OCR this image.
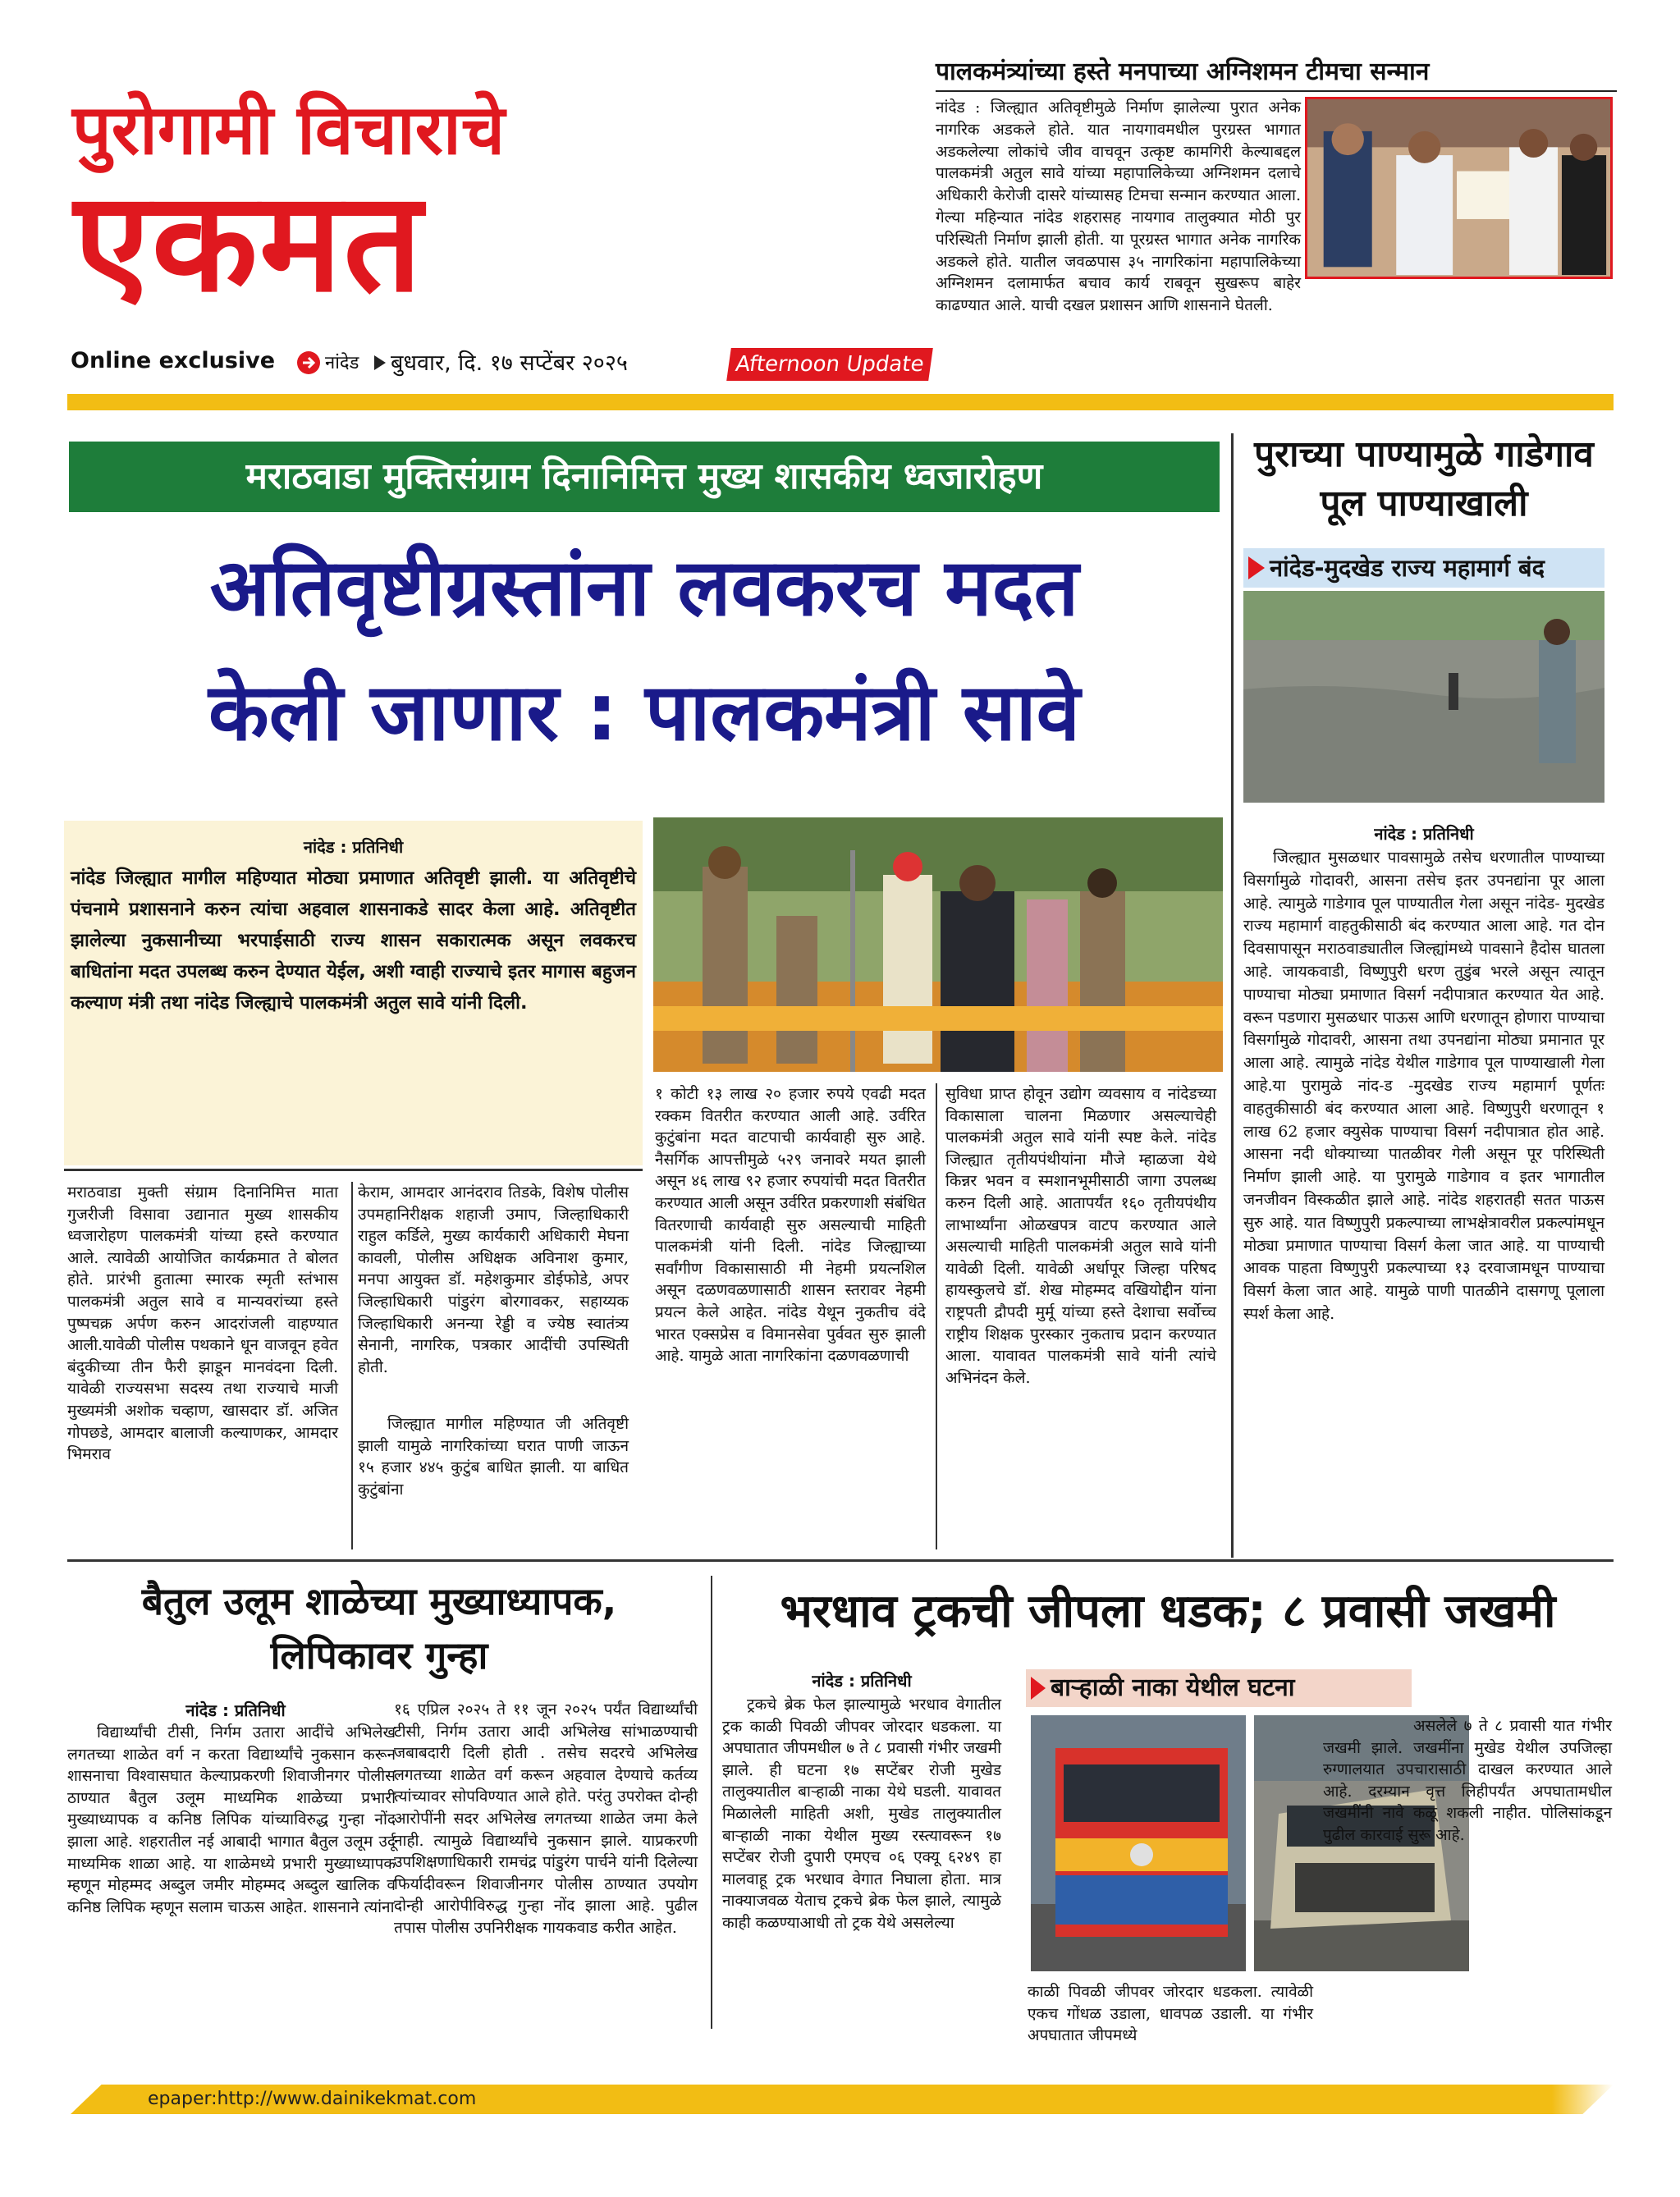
पुरोगामी विचाराचे
एकमत
Online exclusive	नांदेड बुधवार, दि. १७ सप्टेंबर २०२५	Afternoon Update
पालकमंत्र्यांच्या हस्ते मनपाच्या अग्निशमन टीमचा सन्मान
नांदेड : जिल्ह्यात अतिवृष्टीमुळे निर्माण झालेल्या पुरात अनेक नागरिक अडकले होते. यात नायगावमधील पुरग्रस्त भागात अडकलेल्या लोकांचे जीव वाचवून उत्कृष्ट कामगिरी केल्याबद्दल पालकमंत्री अतुल सावे यांच्या महापालिकेच्या अग्निशमन दलाचे अधिकारी केरोजी दासरे यांच्यासह टिमचा सन्मान करण्यात आला. गेल्या महिन्यात नांदेड शहरासह नायगाव तालुक्यात मोठी पुर परिस्थिती निर्माण झाली होती. या पूरग्रस्त भागात अनेक नागरिक अडकले होते. यातील जवळपास ३५ नागरिकांना महापालिकेच्या अग्निशमन दलामार्फत बचाव कार्य राबवून सुखरूप बाहेर काढण्यात आले. याची दखल प्रशासन आणि शासनाने घेतली.
मराठवाडा मुक्तिसंग्राम दिनानिमित्त मुख्य शासकीय ध्वजारोहण
अतिवृष्टीग्रस्तांना लवकरच मदत
केली जाणार : पालकमंत्री सावे
नांदेड : प्रतिनिधी
नांदेड जिल्ह्यात मागील महिण्यात मोठ्या प्रमाणात अतिवृष्टी झाली. या अतिवृष्टीचे पंचनामे प्रशासनाने करुन त्यांचा अहवाल शासनाकडे सादर केला आहे. अतिवृष्टीत झालेल्या नुकसानीच्या भरपाईसाठी राज्य शासन सकारात्मक असून लवकरच बाधितांना मदत उपलब्ध करुन देण्यात येईल, अशी ग्वाही राज्याचे इतर मागास बहुजन कल्याण मंत्री तथा नांदेड जिल्ह्याचे पालकमंत्री अतुल सावे यांनी दिली.
मराठवाडा मुक्ती संग्राम दिनानिमित्त माता गुजरीजी विसावा उद्यानात मुख्य शासकीय ध्वजारोहण पालकमंत्री यांच्या हस्ते करण्यात आले. त्यावेळी आयोजित कार्यक्रमात ते बोलत होते. प्रारंभी हुतात्मा स्मारक स्मृती स्तंभास पालकमंत्री अतुल सावे व मान्यवरांच्या हस्ते पुष्पचक्र अर्पण करुन आदरांजली वाहण्यात आली.यावेळी पोलीस पथकाने धून वाजवून हवेत बंदुकीच्या तीन फैरी झाडून मानवंदना दिली. यावेळी राज्यसभा सदस्य तथा राज्याचे माजी मुख्यमंत्री अशोक चव्हाण, खासदार डॉ. अजित गोपछडे, आमदार बालाजी कल्याणकर, आमदार भिमराव
केराम, आमदार आनंदराव तिडके, विशेष पोलीस उपमहानिरीक्षक शहाजी उमाप, जिल्हाधिकारी राहुल कर्डिले, मुख्य कार्यकारी अधिकारी मेघना कावली, पोलीस अधिक्षक अविनाश कुमार, मनपा आयुक्त डॉ. महेशकुमार डोईफोडे, अपर जिल्हाधिकारी पांडुरंग बोरगावकर, सहाय्यक जिल्हाधिकारी अनन्या रेड्डी व ज्येष्ठ स्वातंत्र्य सेनानी, नागरिक, पत्रकार आदींची उपस्थिती होती.
जिल्ह्यात मागील महिण्यात जी अतिवृष्टी झाली यामुळे नागरिकांच्या घरात पाणी जाऊन १५ हजार ४४५ कुटुंब बाधित झाली. या बाधित कुटुंबांना
१ कोटी १३ लाख २० हजार रुपये एवढी मदत रक्कम वितरीत करण्यात आली आहे. उर्वरित कुटुंबांना मदत वाटपाची कार्यवाही सुरु आहे. नैसर्गिक आपत्तीमुळे ५२९ जनावरे मयत झाली असून ४६ लाख ९२ हजार रुपयांची मदत वितरीत करण्यात आली असून उर्वरित प्रकरणाशी संबंधित वितरणाची कार्यवाही सुरु असल्याची माहिती पालकमंत्री यांनी दिली. नांदेड जिल्ह्याच्या सर्वांगीण विकासासाठी मी नेहमी प्रयत्नशिल असून दळणवळणासाठी शासन स्तरावर नेहमी प्रयत्न केले आहेत. नांदेड येथून नुकतीच वंदे भारत एक्सप्रेस व विमानसेवा पुर्ववत सुरु झाली आहे. यामुळे आता नागरिकांना दळणवळणाची
सुविधा प्राप्त होवून उद्योग व्यवसाय व नांदेडच्या विकासाला चालना मिळणार असल्याचेही पालकमंत्री अतुल सावे यांनी स्पष्ट केले. नांदेड जिल्ह्यात तृतीयपंथीयांना मौजे म्हाळजा येथे किन्नर भवन व स्मशानभूमीसाठी जागा उपलब्ध करुन दिली आहे. आतापर्यंत १६० तृतीयपंथीय लाभार्थ्यांना ओळखपत्र वाटप करण्यात आले असल्याची माहिती पालकमंत्री अतुल सावे यांनी यावेळी दिली. यावेळी अर्धापूर जिल्हा परिषद हायस्कुलचे डॉ. शेख मोहम्मद वखियोद्दीन यांना राष्ट्रपती द्रौपदी मुर्मू यांच्या हस्ते देशाचा सर्वोच्च राष्ट्रीय शिक्षक पुरस्कार नुकताच प्रदान करण्यात आला. यावावत पालकमंत्री सावे यांनी त्यांचे अभिनंदन केले.
पुराच्या पाण्यामुळे गाडेगाव पूल पाण्याखाली
नांदेड-मुदखेड राज्य महामार्ग बंद
नांदेड : प्रतिनिधी
जिल्ह्यात मुसळधार पावसामुळे तसेच धरणातील पाण्याच्या विसर्गामुळे गोदावरी, आसना तसेच इतर उपनद्यांना पूर आला आहे. त्यामुळे गाडेगाव पूल पाण्यातील गेला असून नांदेड- मुदखेड राज्य महामार्ग वाहतुकीसाठी बंद करण्यात आला आहे. गत दोन दिवसापासून मराठवाड्यातील जिल्ह्यांमध्ये पावसाने हैदोस घातला आहे. जायकवाडी, विष्णुपुरी धरण तुडुंब भरले असून त्यातून पाण्याचा मोठ्या प्रमाणात विसर्ग नदीपात्रात करण्यात येत आहे. वरून पडणारा मुसळधार पाऊस आणि धरणातून होणारा पाण्याचा विसर्गामुळे गोदावरी, आसना तथा उपनद्यांना मोठ्या प्रमानात पूर आला आहे. त्यामुळे नांदेड येथील गाडेगाव पूल पाण्याखाली गेला आहे.या पुरामुळे नांद-ड -मुदखेड राज्य महामार्ग पूर्णतः वाहतुकीसाठी बंद करण्यात आला आहे. विष्णुपुरी धरणातून १ लाख 62 हजार क्युसेक पाण्याचा विसर्ग नदीपात्रात होत आहे. आसना नदी धोक्याच्या पातळीवर गेली असून पूर परिस्थिती निर्माण झाली आहे. या पुरामुळे गाडेगाव व इतर भागातील जनजीवन विस्कळीत झाले आहे. नांदेड शहरातही सतत पाऊस सुरु आहे. यात विष्णुपुरी प्रकल्पाच्या लाभक्षेत्रावरील प्रकल्पांमधून मोठ्या प्रमाणात पाण्याचा विसर्ग केला जात आहे. या पाण्याची आवक पाहता विष्णुपुरी प्रकल्पाच्या १३ दरवाजामधून पाण्याचा विसर्ग केला जात आहे. यामुळे पाणी पातळीने दासगणू पूलाला स्पर्श केला आहे.
बैतुल उलूम शाळेच्या मुख्याध्यापक,
लिपिकावर गुन्हा
नांदेड : प्रतिनिधी
विद्यार्थ्यांची टीसी, निर्गम उतारा आदींचे अभिलेख लगतच्या शाळेत वर्ग न करता विद्यार्थ्यांचे नुकसान करून शासनाचा विश्वासघात केल्याप्रकरणी शिवाजीनगर पोलीस ठाण्यात बैतुल उलूम माध्यमिक शाळेच्या प्रभारी मुख्याध्यापक व कनिष्ठ लिपिक यांच्याविरुद्ध गुन्हा नोंद झाला आहे. शहरातील नई आबादी भागात बैतुल उलूम उर्दू माध्यमिक शाळा आहे. या शाळेमध्ये प्रभारी मुख्याध्यापक म्हणून मोहम्मद अब्दुल जमीर मोहम्मद अब्दुल खालिक व कनिष्ठ लिपिक म्हणून सलाम चाऊस आहेत. शासनाने त्यांना
१६ एप्रिल २०२५ ते ११ जून २०२५ पर्यंत विद्यार्थ्यांची टीसी, निर्गम उतारा आदी अभिलेख सांभाळण्याची जबाबदारी दिली होती . तसेच सदरचे अभिलेख लगतच्या शाळेत वर्ग करून अहवाल देण्याचे कर्तव्य त्यांच्यावर सोपविण्यात आले होते. परंतु उपरोक्त दोन्ही आरोपींनी सदर अभिलेख लगतच्या शाळेत जमा केले नाही. त्यामुळे विद्यार्थ्यांचे नुकसान झाले. याप्रकरणी उपशिक्षणाधिकारी रामचंद्र पांडुरंग पार्चने यांनी दिलेल्या फिर्यादीवरून शिवाजीनगर पोलीस ठाण्यात उपयोग दोन्ही आरोपीविरुद्ध गुन्हा नोंद झाला आहे. पुढील तपास पोलीस उपनिरीक्षक गायकवाड करीत आहेत.
भरधाव ट्रकची जीपला धडक; ८ प्रवासी जखमी
नांदेड : प्रतिनिधी
ट्रकचे ब्रेक फेल झाल्यामुळे भरधाव वेगातील ट्रक काळी पिवळी जीपवर जोरदार धडकला. या अपघातात जीपमधील ७ ते ८ प्रवासी गंभीर जखमी झाले. ही घटना १७ सप्टेंबर रोजी मुखेड तालुक्यातील बाऱ्हाळी नाका येथे घडली. यावावत मिळालेली माहिती अशी, मुखेड तालुक्यातील बाऱ्हाळी नाका येथील मुख्य रस्त्यावरून १७ सप्टेंबर रोजी दुपारी एमएच ०६ एक्यू ६२४९ हा मालवाहू ट्रक भरधाव वेगात निघाला होता. मात्र नाक्याजवळ येताच ट्रकचे ब्रेक फेल झाले, त्यामुळे काही कळण्याआधी तो ट्रक येथे असलेल्या
बाऱ्हाळी नाका येथील घटना
काळी पिवळी जीपवर जोरदार धडकला. त्यावेळी एकच गोंधळ उडाला, धावपळ उडाली. या गंभीर अपघातात जीपमध्ये
असलेले ७ ते ८ प्रवासी यात गंभीर जखमी झाले. जखमींना मुखेड येथील उपजिल्हा रुग्णालयात उपचारासाठी दाखल करण्यात आले आहे. दरम्यान वृत्त लिहीपर्यंत अपघातामधील जखमींनी नावे कळू शकली नाहीत. पोलिसांकडून पुढील कारवाई सुरू आहे.
epaper:http://www.dainikekmat.com
